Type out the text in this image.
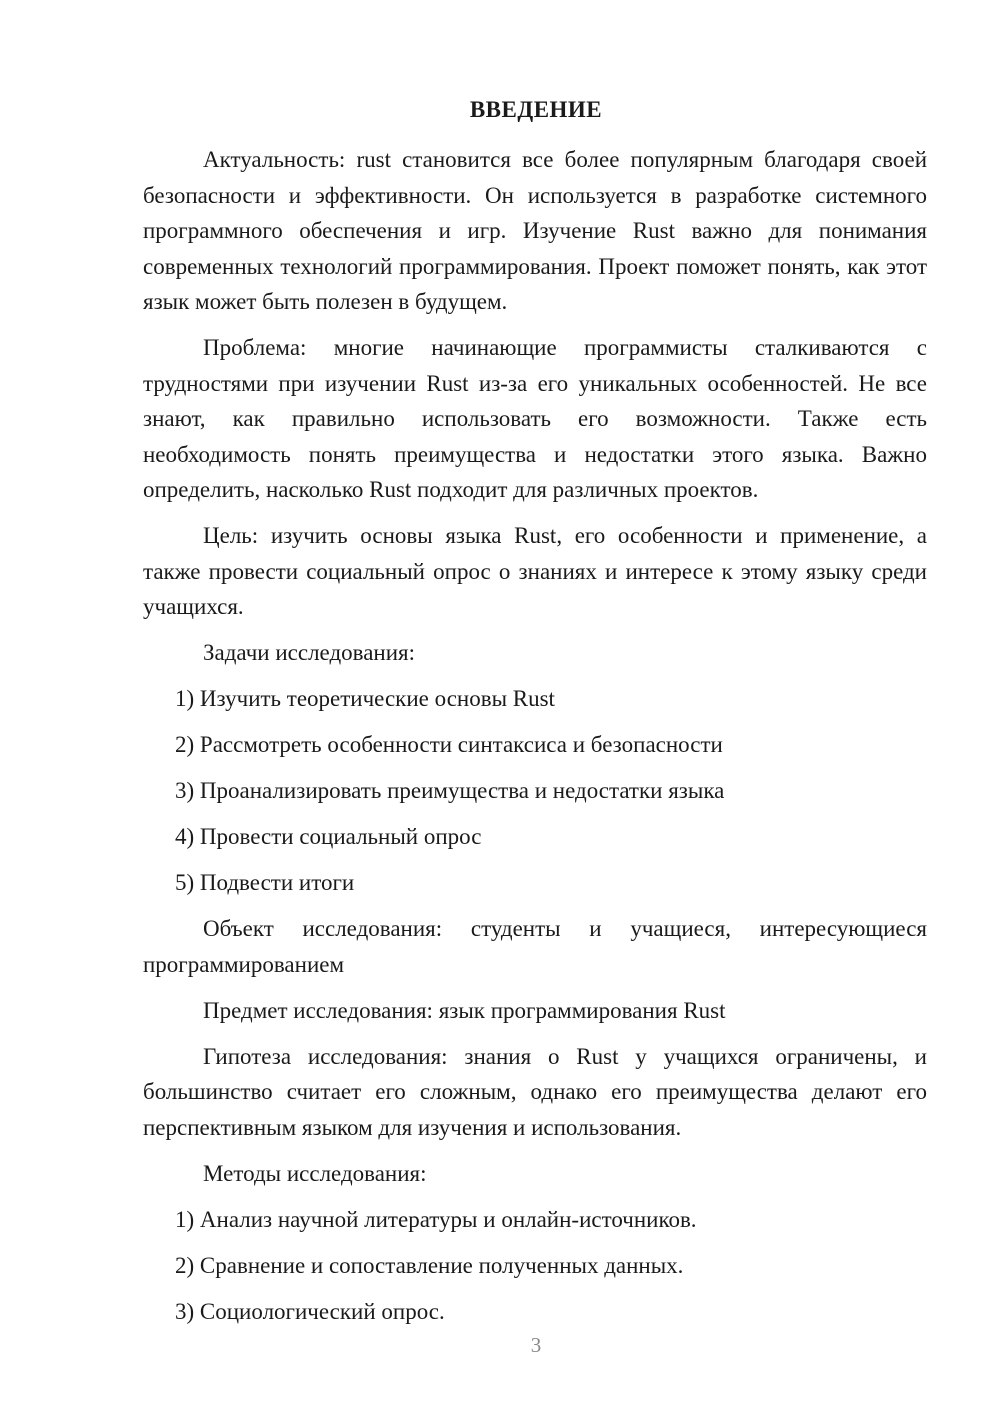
ВВЕДЕНИЕ

Актуальность: rust становится все более популярным благодаря своей безопасности и эффективности. Он используется в разработке системного программного обеспечения и игр. Изучение Rust важно для понимания современных технологий программирования. Проект поможет понять, как этот язык может быть полезен в будущем.

Проблема: многие начинающие программисты сталкиваются с трудностями при изучении Rust из-за его уникальных особенностей. Не все знают, как правильно использовать его возможности. Также есть необходимость понять преимущества и недостатки этого языка. Важно определить, насколько Rust подходит для различных проектов.

Цель: изучить основы языка Rust, его особенности и применение, а также провести социальный опрос о знаниях и интересе к этому языку среди учащихся.

Задачи исследования:

1) Изучить теоретические основы Rust

2) Рассмотреть особенности синтаксиса и безопасности

3) Проанализировать преимущества и недостатки языка

4) Провести социальный опрос

5) Подвести итоги

Объект исследования: студенты и учащиеся, интересующиеся программированием

Предмет исследования: язык программирования Rust

Гипотеза исследования: знания о Rust у учащихся ограничены, и большинство считает его сложным, однако его преимущества делают его перспективным языком для изучения и использования.

Методы исследования:

1) Анализ научной литературы и онлайн-источников.

2) Сравнение и сопоставление полученных данных.

3) Социологический опрос.

3
